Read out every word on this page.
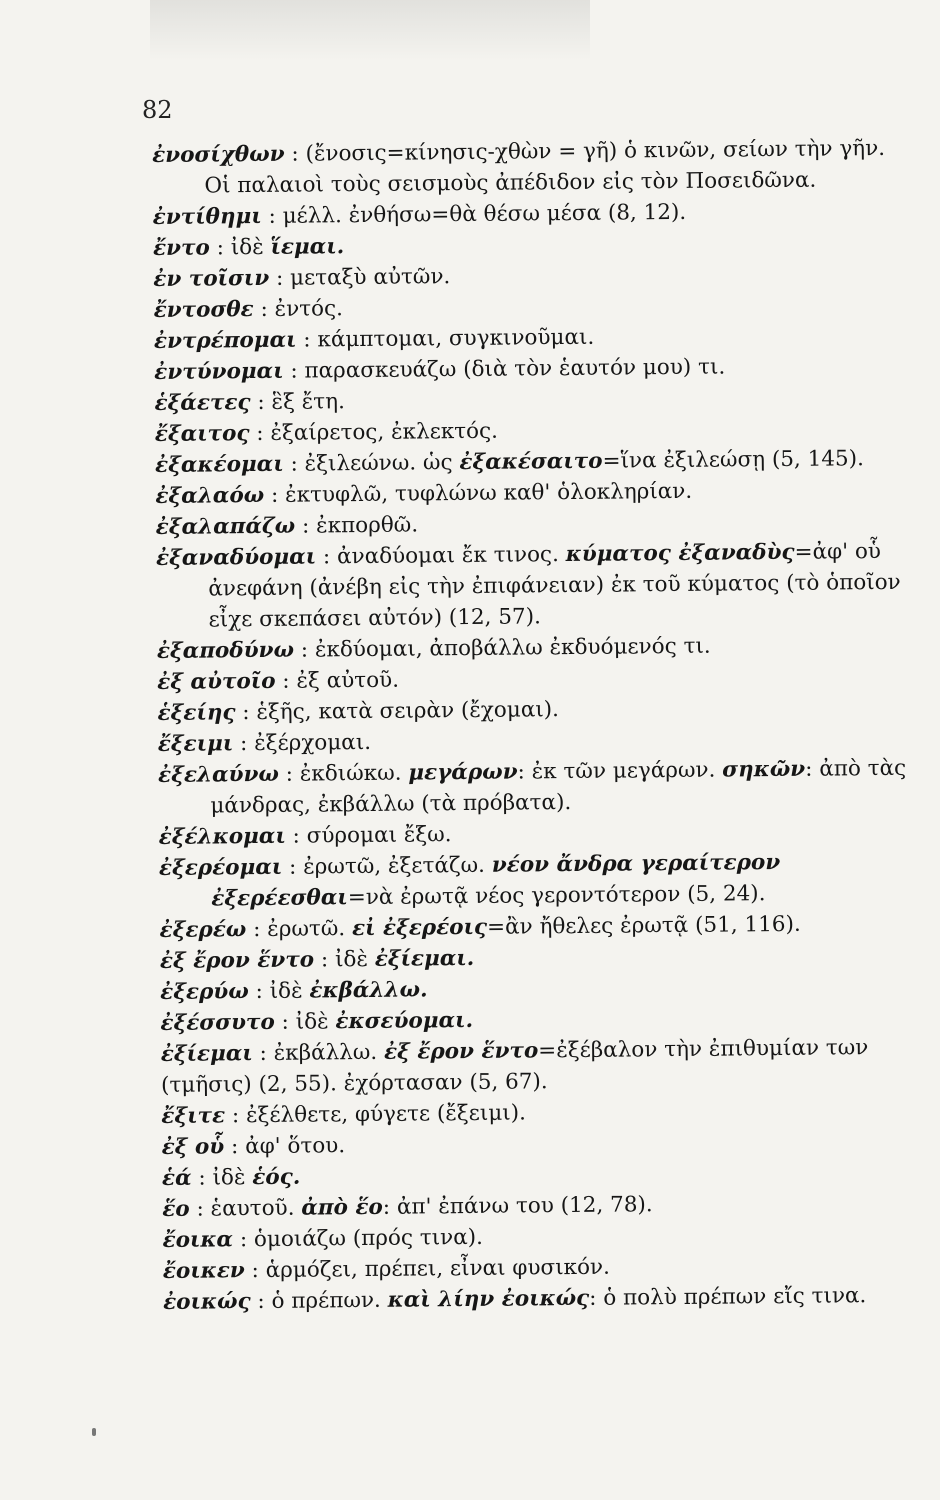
82

ἐνοσίχθων : (ἔνοσις=κίνησις-χθὼν = γῆ) ὁ κινῶν, σείων τὴν γῆν. Οἱ παλαιοὶ τοὺς σεισμοὺς ἀπέδιδον εἰς τὸν Ποσειδῶνα.

ἐντίθημι : μέλλ. ἐνθήσω=θὰ θέσω μέσα (8, 12).

ἔντο : ἰδὲ ἵεμαι.

ἐν τοῖσιν : μεταξὺ αὐτῶν.

ἔντοσθε : ἐντός.

ἐντρέπομαι : κάμπτομαι, συγκινοῦμαι.

ἐντύνομαι : παρασκευάζω (διὰ τὸν ἑαυτόν μου) τι.

ἑξάετες : ἓξ ἔτη.

ἔξαιτος : ἐξαίρετος, ἐκλεκτός.

ἐξακέομαι : ἐξιλεώνω. ὡς ἐξακέσαιτο=ἵνα ἐξιλεώσῃ (5, 145).

ἐξαλαόω : ἐκτυφλῶ, τυφλώνω καθ' ὁλοκληρίαν.

ἐξαλαπάζω : ἐκπορθῶ.

ἐξαναδύομαι : ἀναδύομαι ἔκ τινος. κύματος ἐξαναδὺς=ἀφ' οὗ ἀνεφάνη (ἀνέβη εἰς τὴν ἐπιφάνειαν) ἐκ τοῦ κύματος (τὸ ὁποῖον εἶχε σκεπάσει αὐτόν) (12, 57).

ἐξαποδύνω : ἐκδύομαι, ἀποβάλλω ἐκδυόμενός τι.

ἐξ αὐτοῖο : ἐξ αὐτοῦ.

ἑξείης : ἑξῆς, κατὰ σειρὰν (ἔχομαι).

ἔξειμι : ἐξέρχομαι.

ἐξελαύνω : ἐκδιώκω. μεγάρων: ἐκ τῶν μεγάρων. σηκῶν: ἀπὸ τὰς μάνδρας, ἐκβάλλω (τὰ πρόβατα).

ἐξέλκομαι : σύρομαι ἔξω.

ἐξερέομαι : ἐρωτῶ, ἐξετάζω. νέον ἄνδρα γεραίτερον ἐξερέεσθαι=νὰ ἐρωτᾷ νέος γεροντότερον (5, 24).

ἐξερέω : ἐρωτῶ. εἰ ἐξερέοις=ἂν ἤθελες ἐρωτᾷ (51, 116).

ἐξ ἔρον ἕντο : ἰδὲ ἐξίεμαι.

ἐξερύω : ἰδὲ ἐκβάλλω.

ἐξέσσυτο : ἰδὲ ἐκσεύομαι.

ἐξίεμαι : ἐκβάλλω. ἐξ ἔρον ἕντο=ἐξέβαλον τὴν ἐπιθυμίαν των (τμῆσις) (2, 55). ἐχόρτασαν (5, 67).

ἔξιτε : ἐξέλθετε, φύγετε (ἔξειμι).

ἐξ οὗ : ἀφ' ὅτου.

ἑά : ἰδὲ ἑός.

ἕο : ἑαυτοῦ. ἀπὸ ἕο: ἀπ' ἐπάνω του (12, 78).

ἔοικα : ὁμοιάζω (πρός τινα).

ἔοικεν : ἁρμόζει, πρέπει, εἶναι φυσικόν.

ἐοικώς : ὁ πρέπων. καὶ λίην ἐοικώς: ὁ πολὺ πρέπων εἴς τινα.
